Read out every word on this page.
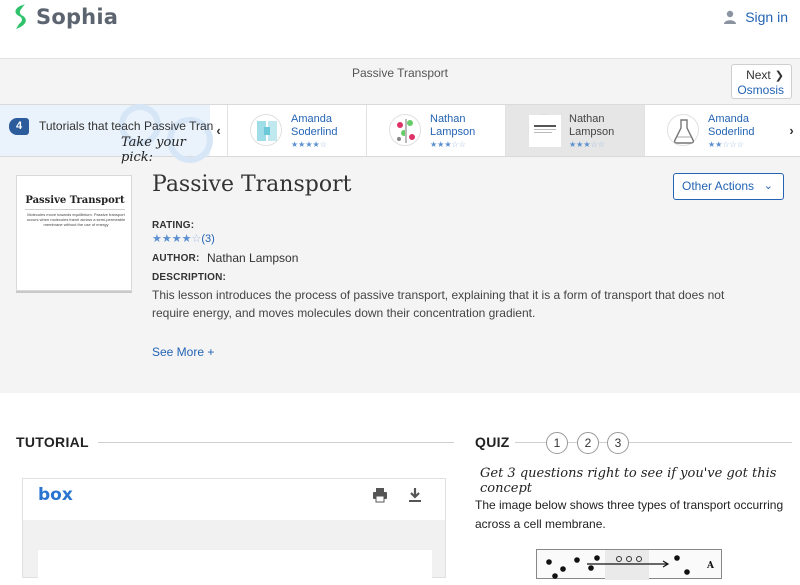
Sophia	Sign in
Passive Transport	Next ❯
Osmosis
4	Tutorials that teach Passive Tran
Take your pick:
‹
Amanda
Soderlind
★★★★☆
Nathan
Lampson
★★★☆☆
Nathan
Lampson
★★★☆☆
Amanda
Soderlind
★★☆☆☆
›
Passive Transport
Molecules move towards equilibrium. Passive transport occurs when molecules travel across a semi-permeable membrane without the use of energy
Passive Transport	Other Actions ⌄
RATING:
★★★★☆(3)
AUTHOR: Nathan Lampson
DESCRIPTION:
This lesson introduces the process of passive transport, explaining that it is a form of transport that does not require energy, and moves molecules down their concentration gradient.
See More +
TUTORIAL
box
QUIZ	1	2	3
Get 3 questions right to see if you've got this concept
The image below shows three types of transport occurring across a cell membrane.
A
